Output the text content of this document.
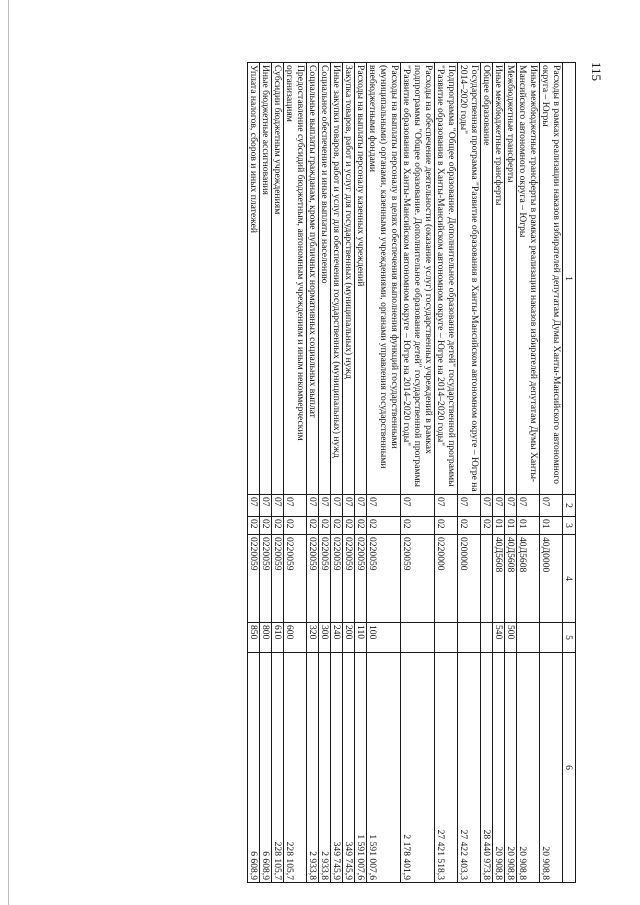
115
1	2	3	4	5	6
Расходы в рамках реализации наказов избирателей депутатам Думы Ханты-Мансийского автономного округа – Югры	07	01	40Д0000		20 908,8
Иные межбюджетные трансферты в рамках реализации наказов избирателей депутатам Думы Ханты-Мансийского автономного округа – Югры	07	01	40Д5608		20 908,8
Межбюджетные трансферты	07	01	40Д5608	500	20 908,8
Иные межбюджетные трансферты	07	01	40Д5608	540	20 908,8
Общее образование	07	02			28 440 973,8
Государственная программа "Развитие образования в Ханты-Мансийском автономном округе – Югре на 2014–2020 годы"	07	02	0200000		27 422 403,3
Подпрограмма "Общее образование. Дополнительное образование детей" государственной программы "Развитие образования в Ханты-Мансийском автономном округе – Югре на 2014–2020 годы"	07	02	0220000		27 421 518,3
Расходы на обеспечение деятельности (оказание услуг) государственных учреждений в рамках подпрограммы "Общее образование. Дополнительное образование детей" государственной программы "Развитие образования в Ханты-Мансийском автономном округе – Югре на 2014–2020 годы"	07	02	0220059		2 178 401,9
Расходы на выплаты персоналу в целях обеспечения выполнения функций государственными (муниципальными) органами, казенными учреждениями, органами управления государственными внебюджетными фондами	07	02	0220059	100	1 591 007,6
Расходы на выплаты персоналу казенных учреждений	07	02	0220059	110	1 591 007,6
Закупка товаров, работ и услуг для государственных (муниципальных) нужд	07	02	0220059	200	349 745,9
Иные закупки товаров, работ и услуг для обеспечения государственных (муниципальных) нужд	07	02	0220059	240	349 745,9
Социальное обеспечение и иные выплаты населению	07	02	0220059	300	2 933,8
Социальные выплаты гражданам, кроме публичных нормативных социальных выплат	07	02	0220059	320	2 933,8
Предоставление субсидий бюджетным, автономным учреждениям и иным некоммерческим организациям	07	02	0220059	600	228 105,7
Субсидии бюджетным учреждениям	07	02	0220059	610	228 105,7
Иные бюджетные ассигнования	07	02	0220059	800	6 608,9
Уплата налогов, сборов и иных платежей	07	02	0220059	850	6 608,9
